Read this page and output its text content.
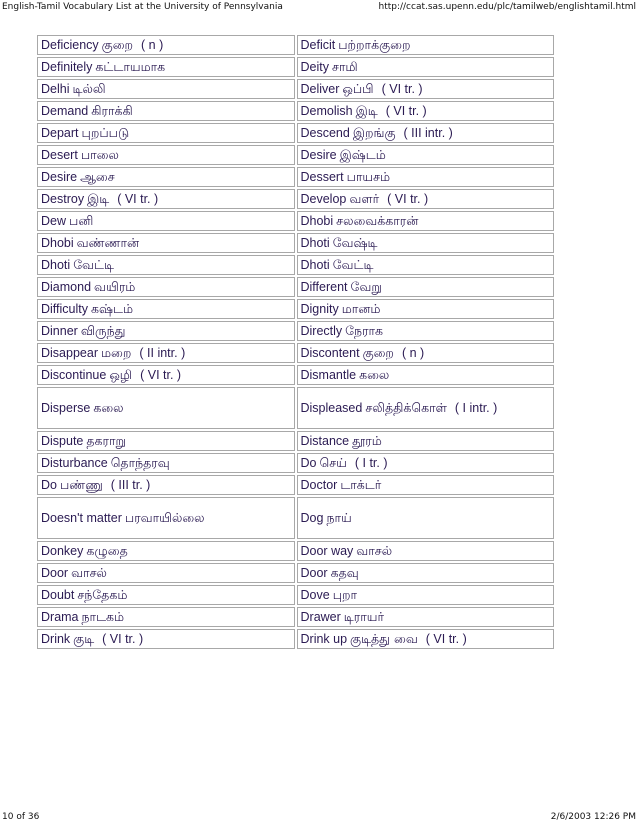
English-Tamil Vocabulary List at the University of Pennsylvania	http://ccat.sas.upenn.edu/plc/tamilweb/englishtamil.html
Deficiency குறை ( n )	Deficit பற்றாக்குறை
Definitely கட்டாயமாக	Deity சாமி
Delhi டில்லி	Deliver ஒப்பி ( VI tr. )
Demand கிராக்கி	Demolish இடி ( VI tr. )
Depart புறப்படு	Descend இறங்கு ( III intr. )
Desert பாலை	Desire இஷ்டம்
Desire ஆசை	Dessert பாயசம்
Destroy இடி ( VI tr. )	Develop வளர் ( VI tr. )
Dew பனி	Dhobi சலவைக்காரன்
Dhobi வண்ணான்	Dhoti வேஷ்டி
Dhoti வேட்டி	Dhoti வேட்டி
Diamond வயிரம்	Different வேறு
Difficulty கஷ்டம்	Dignity மானம்
Dinner விருந்து	Directly நேராக
Disappear மறை ( II intr. )	Discontent குறை ( n )
Discontinue ஒழி ( VI tr. )	Dismantle கலை
Disperse கலை	Displeased சலித்திக்கொள் ( I intr. )
Dispute தகராறு	Distance தூரம்
Disturbance தொந்தரவு	Do செய் ( I tr. )
Do பண்ணு ( III tr. )	Doctor டாக்டர்
Doesn't matter பரவாயில்லை	Dog நாய்
Donkey கழுதை	Door way வாசல்
Door வாசல்	Door கதவு
Doubt சந்தேகம்	Dove புறா
Drama நாடகம்	Drawer டிராயர்
Drink குடி ( VI tr. )	Drink up குடித்து வை ( VI tr. )
10 of 36	2/6/2003 12:26 PM
